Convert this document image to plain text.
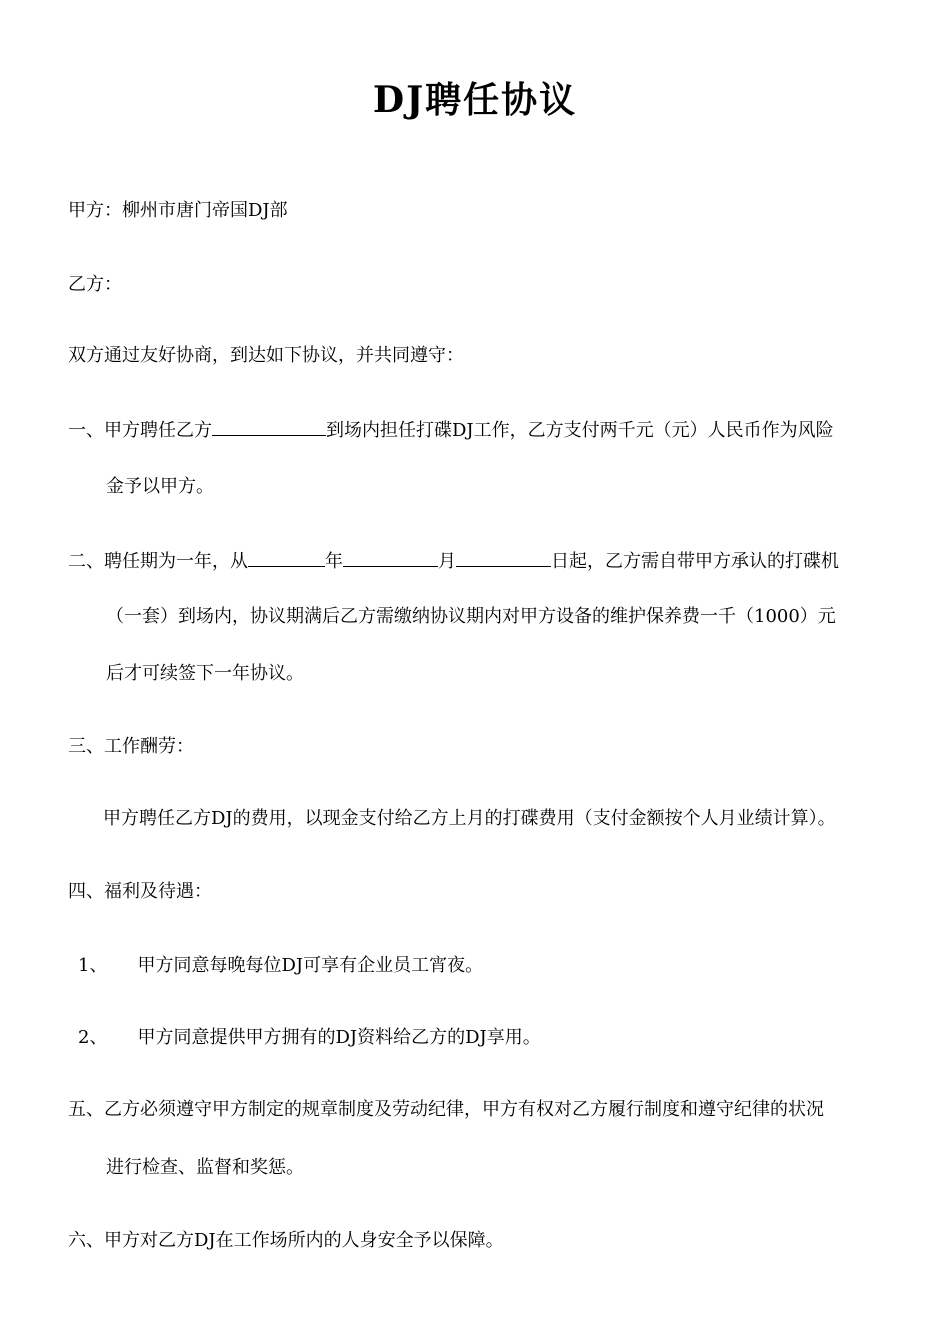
DJ聘任协议
甲方：柳州市唐门帝国DJ部
乙方：
双方通过友好协商，到达如下协议，并共同遵守：
一、甲方聘任乙方	到场内担任打碟DJ工作，乙方支付两千元（元）人民币作为风险
金予以甲方。
二、聘任期为一年，从	年	月	日起，乙方需自带甲方承认的打碟机
（一套）到场内，协议期满后乙方需缴纳协议期内对甲方设备的维护保养费一千（1000）元
后才可续签下一年协议。
三、工作酬劳：
甲方聘任乙方DJ的费用，以现金支付给乙方上月的打碟费用（支付金额按个人月业绩计算）。
四、福利及待遇：
1、 甲方同意每晚每位DJ可享有企业员工宵夜。
2、 甲方同意提供甲方拥有的DJ资料给乙方的DJ享用。
五、乙方必须遵守甲方制定的规章制度及劳动纪律，甲方有权对乙方履行制度和遵守纪律的状况
进行检查、监督和奖惩。
六、甲方对乙方DJ在工作场所内的人身安全予以保障。
